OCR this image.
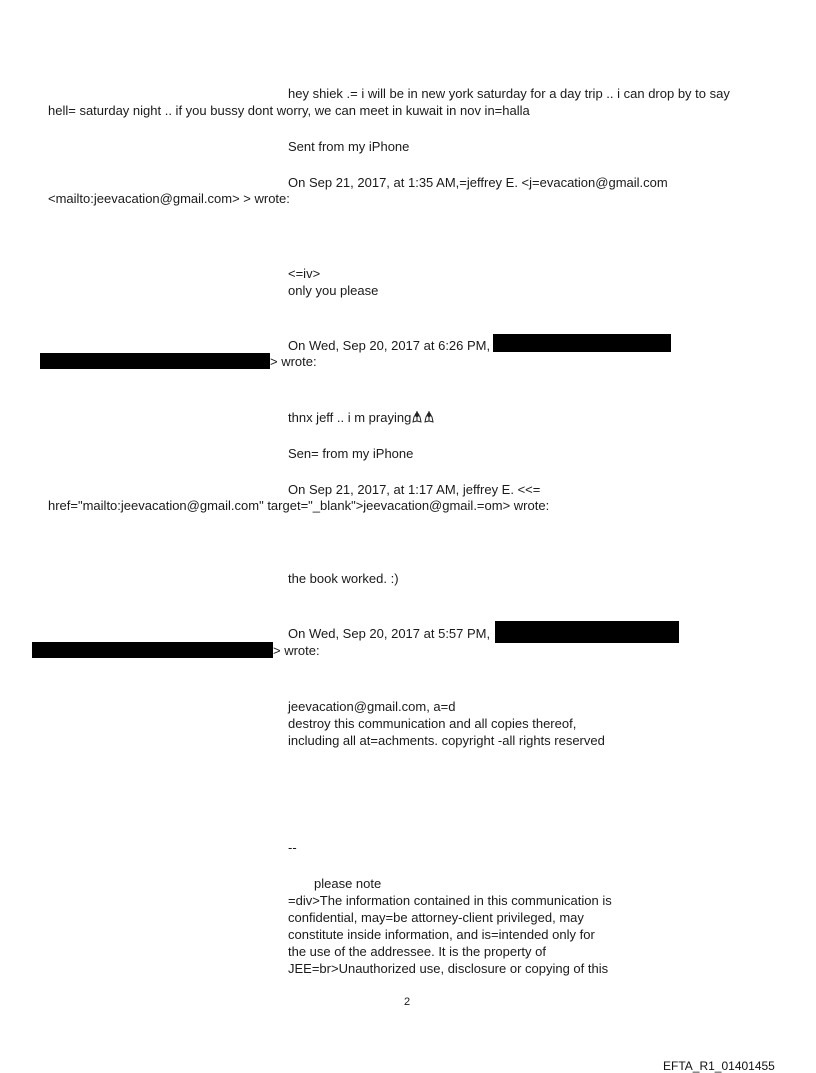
hey shiek .= i will be in new york saturday for a day trip .. i can drop by to say
hell= saturday night .. if you bussy dont worry, we can meet in kuwait in nov in=halla
Sent from my iPhone
On Sep 21, 2017, at 1:35 AM,=jeffrey E. <j=evacation@gmail.com
<mailto:jeevacation@gmail.com> > wrote:
<=iv>
only you please
On Wed, Sep 20, 2017 at 6:26 PM,
> wrote:
thnx jeff .. i m praying
Sen= from my iPhone
On Sep 21, 2017, at 1:17 AM, jeffrey E. <<=
href="mailto:jeevacation@gmail.com" target="_blank">jeevacation@gmail.=om> wrote:
the book worked. :)
On Wed, Sep 20, 2017 at 5:57 PM,
> wrote:
jeevacation@gmail.com, a=d
destroy this communication and all copies thereof,
including all at=achments. copyright -all rights reserved
--
please note
=div>The information contained in this communication is
confidential, may=be attorney-client privileged, may
constitute inside information, and is=intended only for
the use of the addressee. It is the property of
JEE=br>Unauthorized use, disclosure or copying of this
2
EFTA_R1_01401455
